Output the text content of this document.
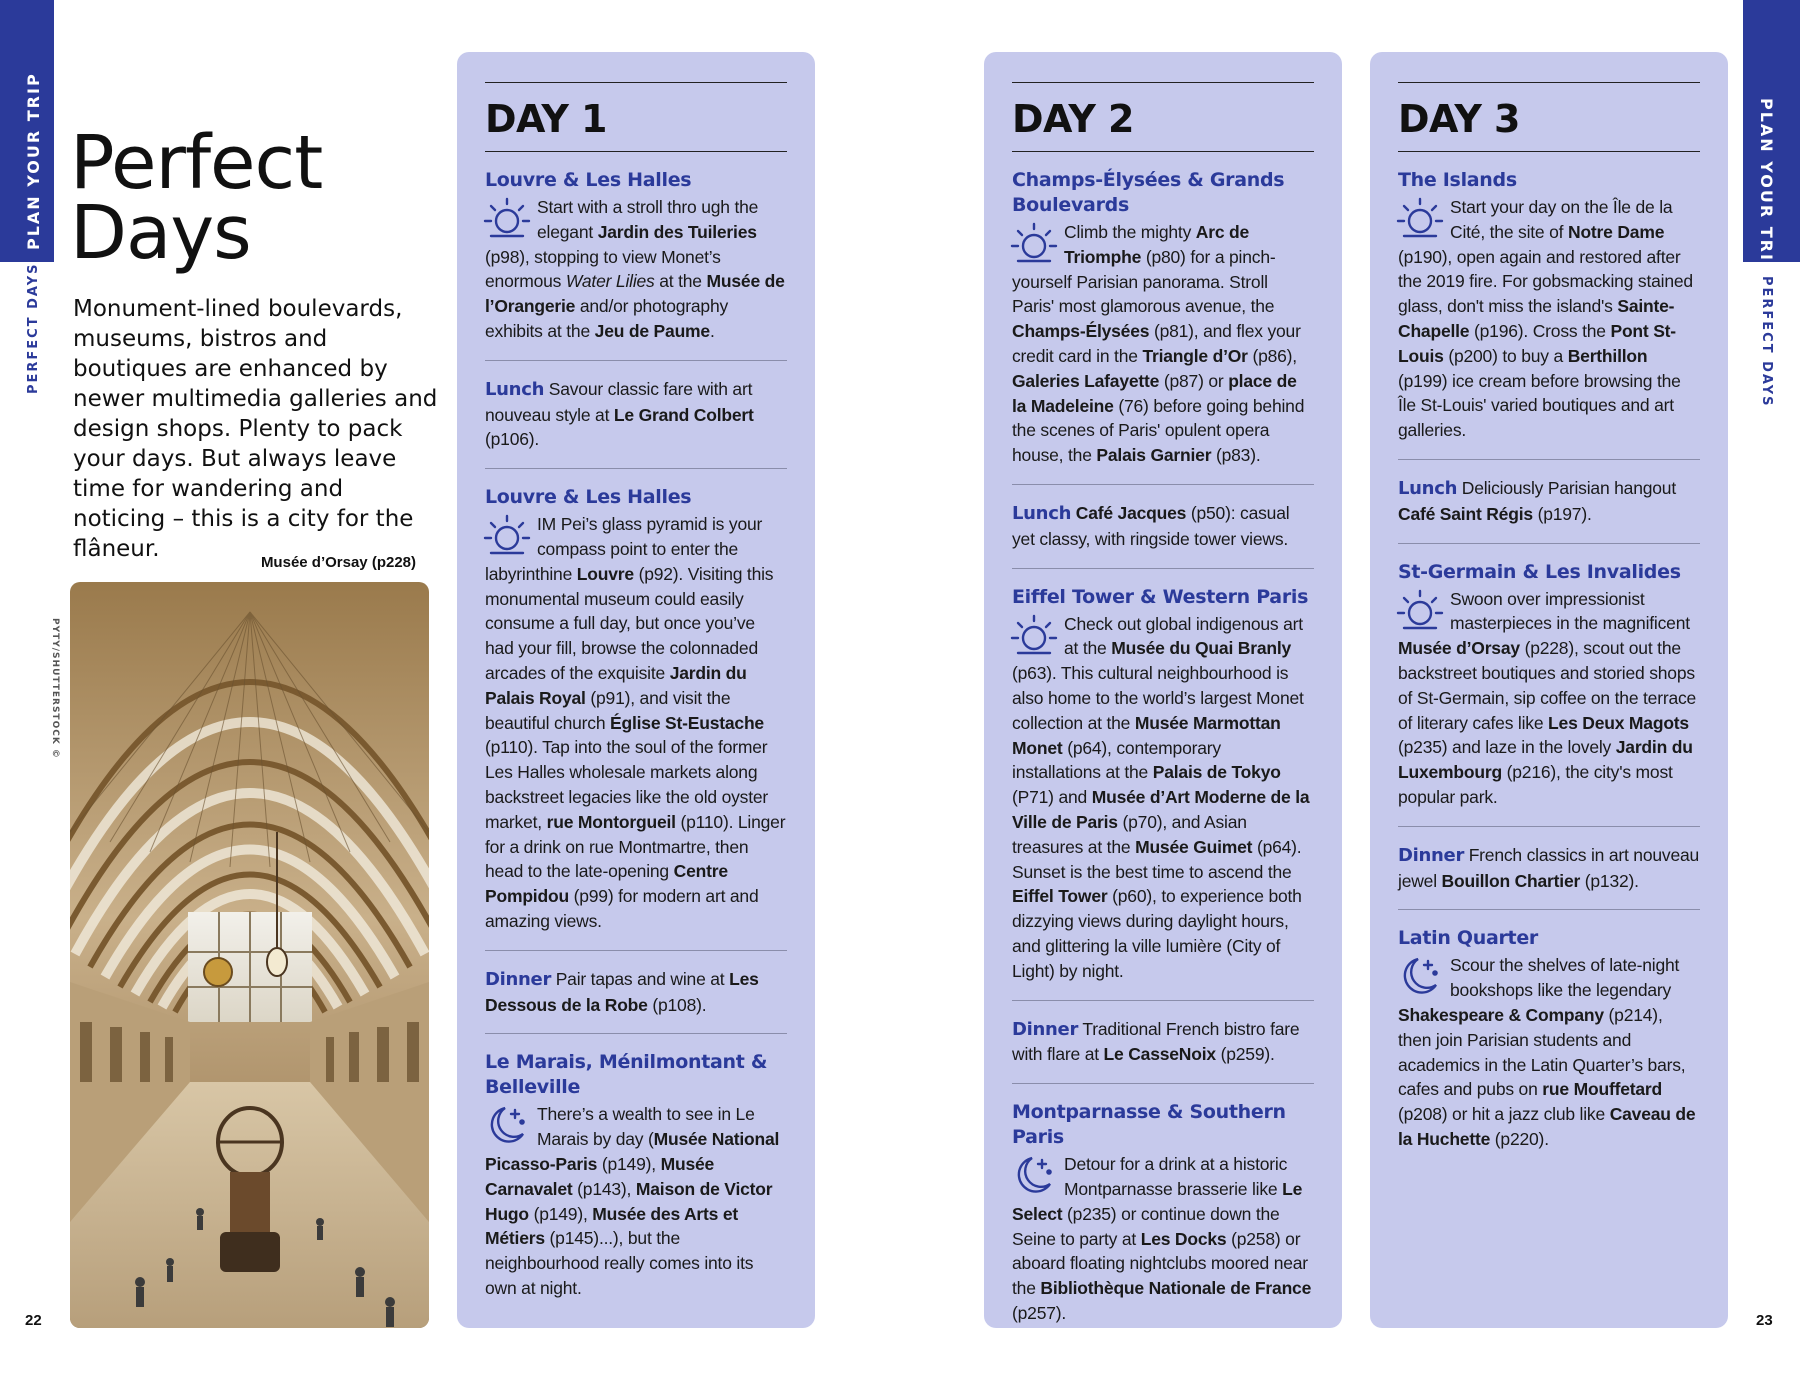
PLAN YOUR TRIP
PERFECT DAYS
PLAN YOUR TRIP
PERFECT DAYS
Perfect
Days

Monument-lined boulevards, museums, bistros and boutiques are enhanced by newer multimedia galleries and design shops. Plenty to pack your days. But always leave time for wandering and noticing – this is a city for the flâneur.

Musée d’Orsay (p228)
PYTY/SHUTTERSTOCK ©
22	23
DAY 1
Louvre & Les Halles

Start with a stroll thro ugh the elegant Jardin des Tuileries (p98), stopping to view Monet’s enormous Water Lilies at the Musée de l’Orangerie and/or photography exhibits at the Jeu de Paume.

Lunch Savour classic fare with art nouveau style at Le Grand Colbert (p106).

Louvre & Les Halles

IM Pei’s glass pyramid is your compass point to enter the labyrinthine Louvre (p92). Visiting this monumental museum could easily consume a full day, but once you’ve had your fill, browse the colonnaded arcades of the exquisite Jardin du Palais Royal (p91), and visit the beautiful church Église St-Eustache (p110). Tap into the soul of the former Les Halles wholesale markets along backstreet legacies like the old oyster market, rue Montorgueil (p110). Linger for a drink on rue Montmartre, then head to the late-opening Centre Pompidou (p99) for modern art and amazing views.

Dinner Pair tapas and wine at Les Dessous de la Robe (p108).

Le Marais, Ménilmontant & Belleville

There’s a wealth to see in Le Marais by day (Musée National Picasso-Paris (p149), Musée Carnavalet (p143), Maison de Victor Hugo (p149), Musée des Arts et Métiers (p145)...), but the neighbourhood really comes into its own at night.

DAY 2
Champs-Élysées & Grands Boulevards

Climb the mighty Arc de Triomphe (p80) for a pinch-yourself Parisian panorama. Stroll Paris' most glamorous avenue, the Champs-Élysées (p81), and flex your credit card in the Triangle d’Or (p86), Galeries Lafayette (p87) or place de la Madeleine (76) before going behind the scenes of Paris' opulent opera house, the Palais Garnier (p83).

Lunch Café Jacques (p50): casual yet classy, with ringside tower views.

Eiffel Tower & Western Paris

Check out global indigenous art at the Musée du Quai Branly (p63). This cultural neighbourhood is also home to the world’s largest Monet collection at the Musée Marmottan Monet (p64), contemporary installations at the Palais de Tokyo (P71) and Musée d’Art Moderne de la Ville de Paris (p70), and Asian treasures at the Musée Guimet (p64). Sunset is the best time to ascend the Eiffel Tower (p60), to experience both dizzying views during daylight hours, and glittering la ville lumière (City of Light) by night.

Dinner Traditional French bistro fare with flare at Le CasseNoix (p259).

Montparnasse & Southern Paris

Detour for a drink at a historic Montparnasse brasserie like Le Select (p235) or continue down the Seine to party at Les Docks (p258) or aboard floating nightclubs moored near the Bibliothèque Nationale de France (p257).

DAY 3
The Islands

Start your day on the Île de la Cité, the site of Notre Dame (p190), open again and restored after the 2019 fire. For gobsmacking stained glass, don't miss the island's Sainte-Chapelle (p196). Cross the Pont St-Louis (p200) to buy a Berthillon (p199) ice cream before browsing the Île St-Louis' varied boutiques and art galleries.

Lunch Deliciously Parisian hangout Café Saint Régis (p197).

St-Germain & Les Invalides

Swoon over impressionist masterpieces in the magnificent Musée d’Orsay (p228), scout out the backstreet boutiques and storied shops of St-Germain, sip coffee on the terrace of literary cafes like Les Deux Magots (p235) and laze in the lovely Jardin du Luxembourg (p216), the city's most popular park.

Dinner French classics in art nouveau jewel Bouillon Chartier (p132).

Latin Quarter

Scour the shelves of late-night bookshops like the legendary Shakespeare & Company (p214), then join Parisian students and academics in the Latin Quarter’s bars, cafes and pubs on rue Mouffetard (p208) or hit a jazz club like Caveau de la Huchette (p220).
